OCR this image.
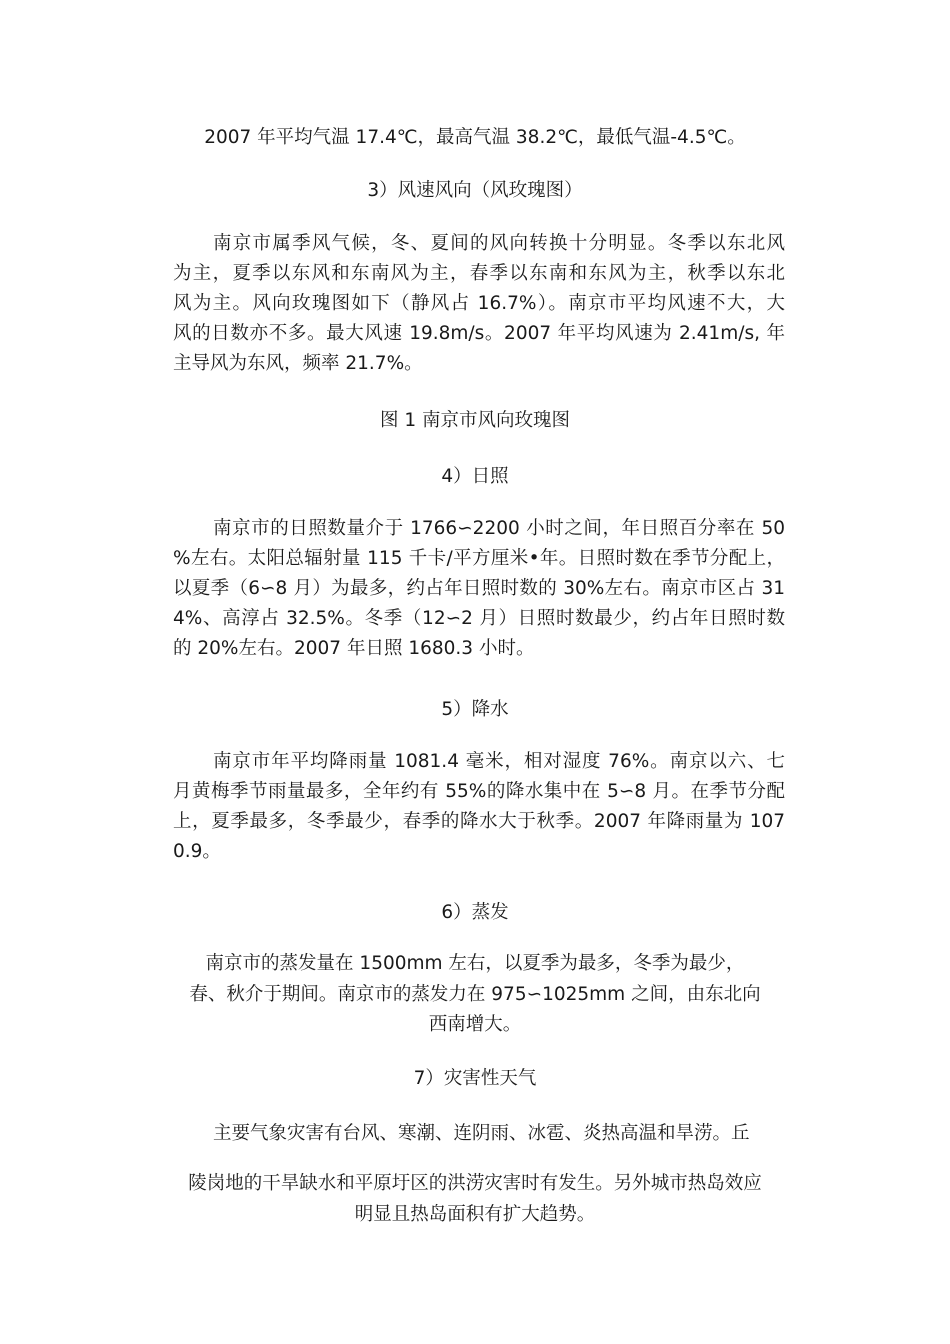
2007 年平均气温 17.4℃，最高气温 38.2℃，最低气温-4.5℃。
3）风速风向（风玫瑰图）
南京市属季风气候，冬、夏间的风向转换十分明显。冬季以东北风
为主，夏季以东风和东南风为主，春季以东南和东风为主，秋季以东北
风为主。风向玫瑰图如下（静风占 16.7%）。南京市平均风速不大，大
风的日数亦不多。最大风速 19.8m/s。2007 年平均风速为 2.41m/s, 年
主导风为东风，频率 21.7%。
图 1 南京市风向玫瑰图
4）日照
南京市的日照数量介于 1766∽2200 小时之间，年日照百分率在 50
%左右。太阳总辐射量 115 千卡/平方厘米•年。日照时数在季节分配上，
以夏季（6∽8 月）为最多，约占年日照时数的 30%左右。南京市区占 31
4%、高淳占 32.5%。冬季（12∽2 月）日照时数最少，约占年日照时数
的 20%左右。2007 年日照 1680.3 小时。
5）降水
南京市年平均降雨量 1081.4 毫米，相对湿度 76%。南京以六、七
月黄梅季节雨量最多，全年约有 55%的降水集中在 5∽8 月。在季节分配
上，夏季最多，冬季最少，春季的降水大于秋季。2007 年降雨量为 107
0.9。
6）蒸发
南京市的蒸发量在 1500mm 左右，以夏季为最多，冬季为最少，
春、秋介于期间。南京市的蒸发力在 975∽1025mm 之间，由东北向
西南增大。
7）灾害性天气
主要气象灾害有台风、寒潮、连阴雨、冰雹、炎热高温和旱涝。丘
陵岗地的干旱缺水和平原圩区的洪涝灾害时有发生。另外城市热岛效应
明显且热岛面积有扩大趋势。
